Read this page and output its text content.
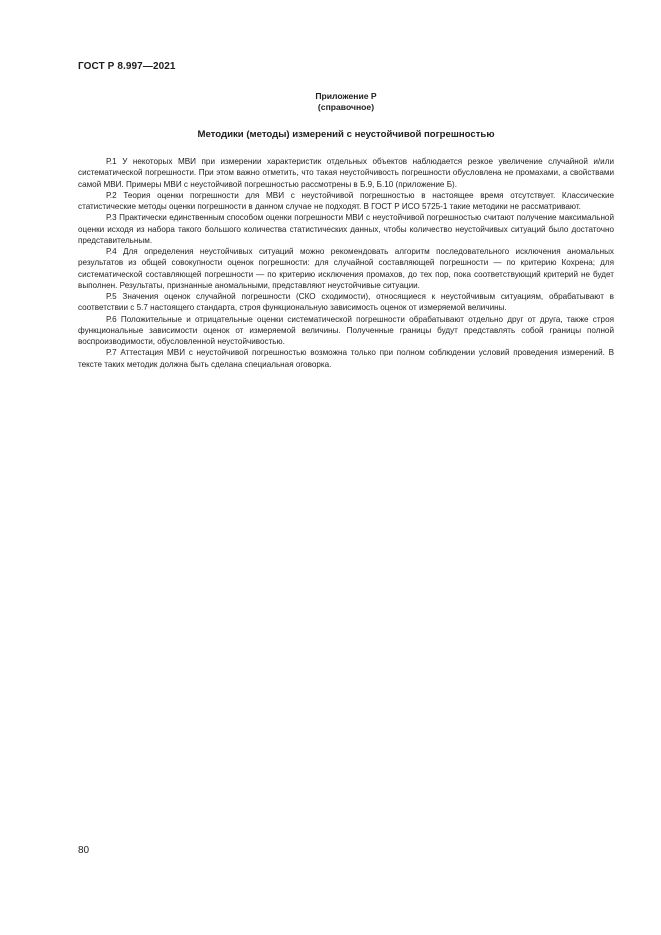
ГОСТ Р 8.997—2021
Приложение Р
(справочное)
Методики (методы) измерений с неустойчивой погрешностью

Р.1 У некоторых МВИ при измерении характеристик отдельных объектов наблюдается резкое увеличение случайной и/или систематической погрешности. При этом важно отметить, что такая неустойчивость погрешности обусловлена не промахами, а свойствами самой МВИ. Примеры МВИ с неустойчивой погрешностью рассмотрены в Б.9, Б.10 (приложение Б).

Р.2 Теория оценки погрешности для МВИ с неустойчивой погрешностью в настоящее время отсутствует. Классические статистические методы оценки погрешности в данном случае не подходят. В ГОСТ Р ИСО 5725-1 такие методики не рассматривают.

Р.3 Практически единственным способом оценки погрешности МВИ с неустойчивой погрешностью считают получение максимальной оценки исходя из набора такого большого количества статистических данных, чтобы количество неустойчивых ситуаций было достаточно представительным.

Р.4 Для определения неустойчивых ситуаций можно рекомендовать алгоритм последовательного исключения аномальных результатов из общей совокупности оценок погрешности: для случайной составляющей погрешности — по критерию Кохрена; для систематической составляющей погрешности — по критерию исключения промахов, до тех пор, пока соответствующий критерий не будет выполнен. Результаты, признанные аномальными, представляют неустойчивые ситуации.

Р.5 Значения оценок случайной погрешности (СКО сходимости), относящиеся к неустойчивым ситуациям, обрабатывают в соответствии с 5.7 настоящего стандарта, строя функциональную зависимость оценок от измеряемой величины.

Р.6 Положительные и отрицательные оценки систематической погрешности обрабатывают отдельно друг от друга, также строя функциональные зависимости оценок от измеряемой величины. Полученные границы будут представлять собой границы полной воспроизводимости, обусловленной неустойчивостью.

Р.7 Аттестация МВИ с неустойчивой погрешностью возможна только при полном соблюдении условий проведения измерений. В тексте таких методик должна быть сделана специальная оговорка.

80
